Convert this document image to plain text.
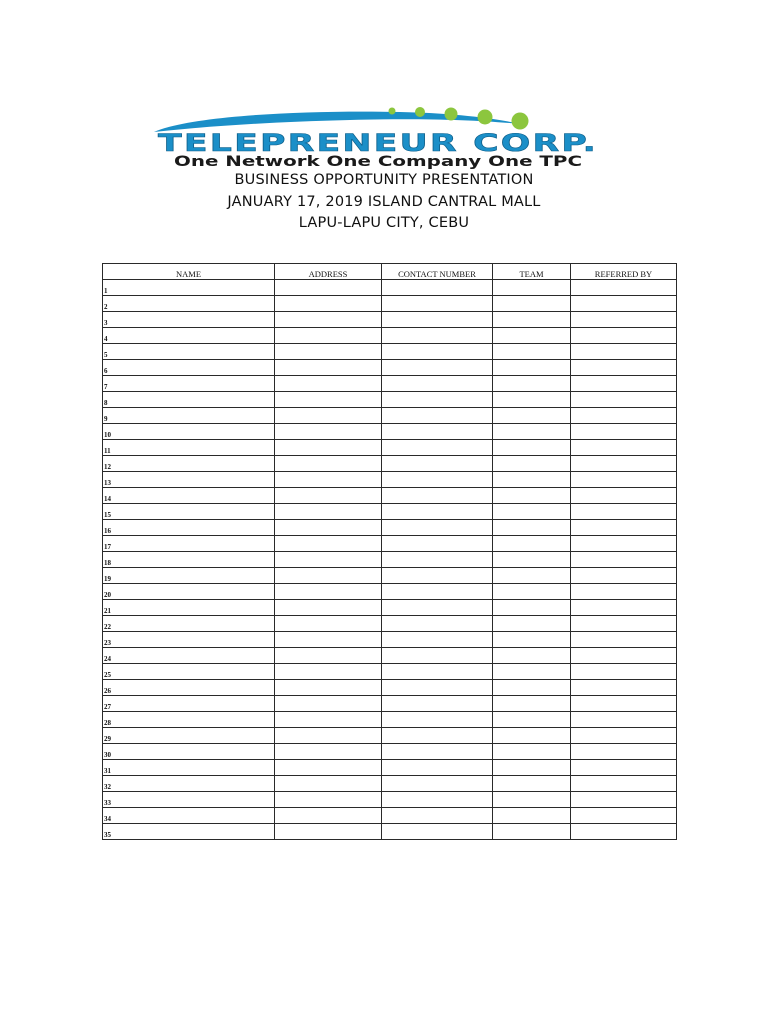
TELEPRENEUR CORP.
One Network One Company One TPC
BUSINESS OPPORTUNITY PRESENTATION
JANUARY 17, 2019 ISLAND CANTRAL MALL
LAPU-LAPU CITY, CEBU
NAME	ADDRESS	CONTACT NUMBER	TEAM	REFERRED BY
1				
2				
3				
4				
5				
6				
7				
8				
9				
10				
11				
12				
13				
14				
15				
16				
17				
18				
19				
20				
21				
22				
23				
24				
25				
26				
27				
28				
29				
30				
31				
32				
33				
34				
35				
